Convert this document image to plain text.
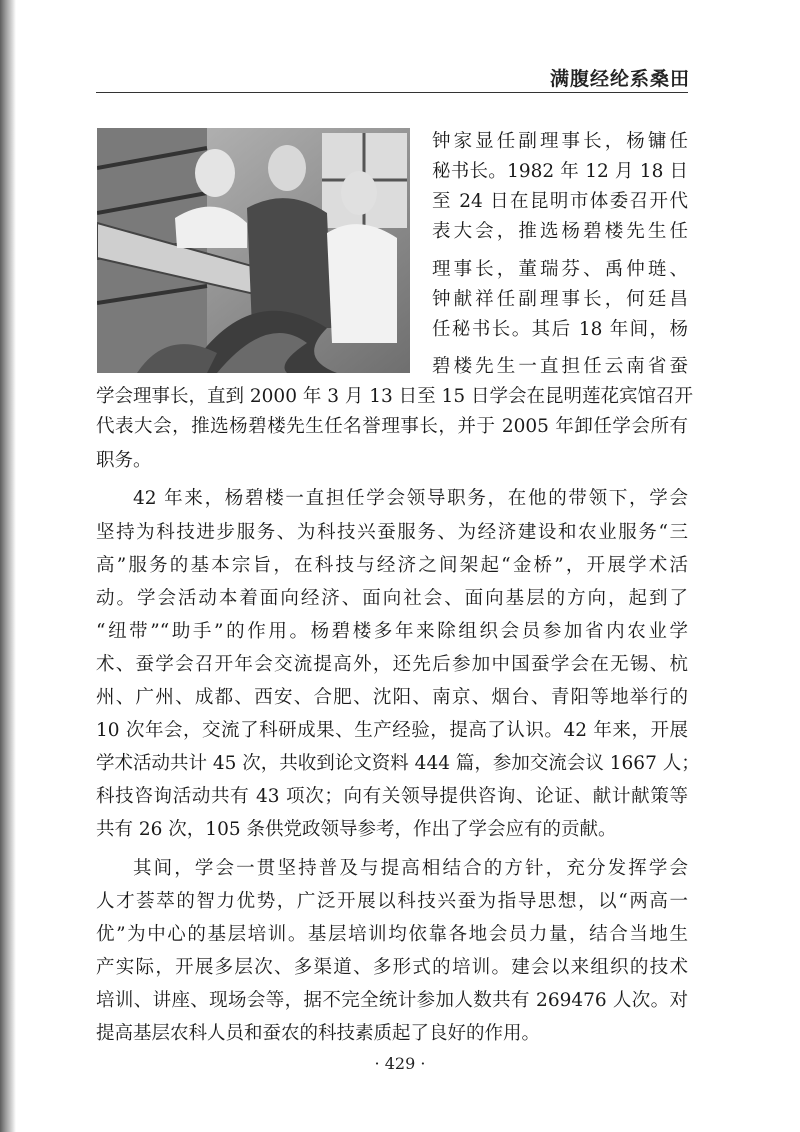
满腹经纶系桑田
钟家显任副理事长，杨镛任
秘书长。1982 年 12 月 18 日
至 24 日在昆明市体委召开代
表大会，推选杨碧楼先生任
理事长，董瑞芬、禹仲琏、
钟献祥任副理事长，何廷昌
任秘书长。其后 18 年间，杨
碧楼先生一直担任云南省蚕
学会理事长，直到 2000 年 3 月 13 日至 15 日学会在昆明莲花宾馆召开
代表大会，推选杨碧楼先生任名誉理事长，并于 2005 年卸任学会所有
职务。
42 年来，杨碧楼一直担任学会领导职务，在他的带领下，学会
坚持为科技进步服务、为科技兴蚕服务、为经济建设和农业服务“三
高”服务的基本宗旨，在科技与经济之间架起“金桥”，开展学术活
动。学会活动本着面向经济、面向社会、面向基层的方向，起到了
“纽带”“助手”的作用。杨碧楼多年来除组织会员参加省内农业学
术、蚕学会召开年会交流提高外，还先后参加中国蚕学会在无锡、杭
州、广州、成都、西安、合肥、沈阳、南京、烟台、青阳等地举行的
10 次年会，交流了科研成果、生产经验，提高了认识。42 年来，开展
学术活动共计 45 次，共收到论文资料 444 篇，参加交流会议 1667 人；
科技咨询活动共有 43 项次；向有关领导提供咨询、论证、献计献策等
共有 26 次，105 条供党政领导参考，作出了学会应有的贡献。
其间，学会一贯坚持普及与提高相结合的方针，充分发挥学会
人才荟萃的智力优势，广泛开展以科技兴蚕为指导思想，以“两高一
优”为中心的基层培训。基层培训均依靠各地会员力量，结合当地生
产实际，开展多层次、多渠道、多形式的培训。建会以来组织的技术
培训、讲座、现场会等，据不完全统计参加人数共有 269476 人次。对
提高基层农科人员和蚕农的科技素质起了良好的作用。
· 429 ·
